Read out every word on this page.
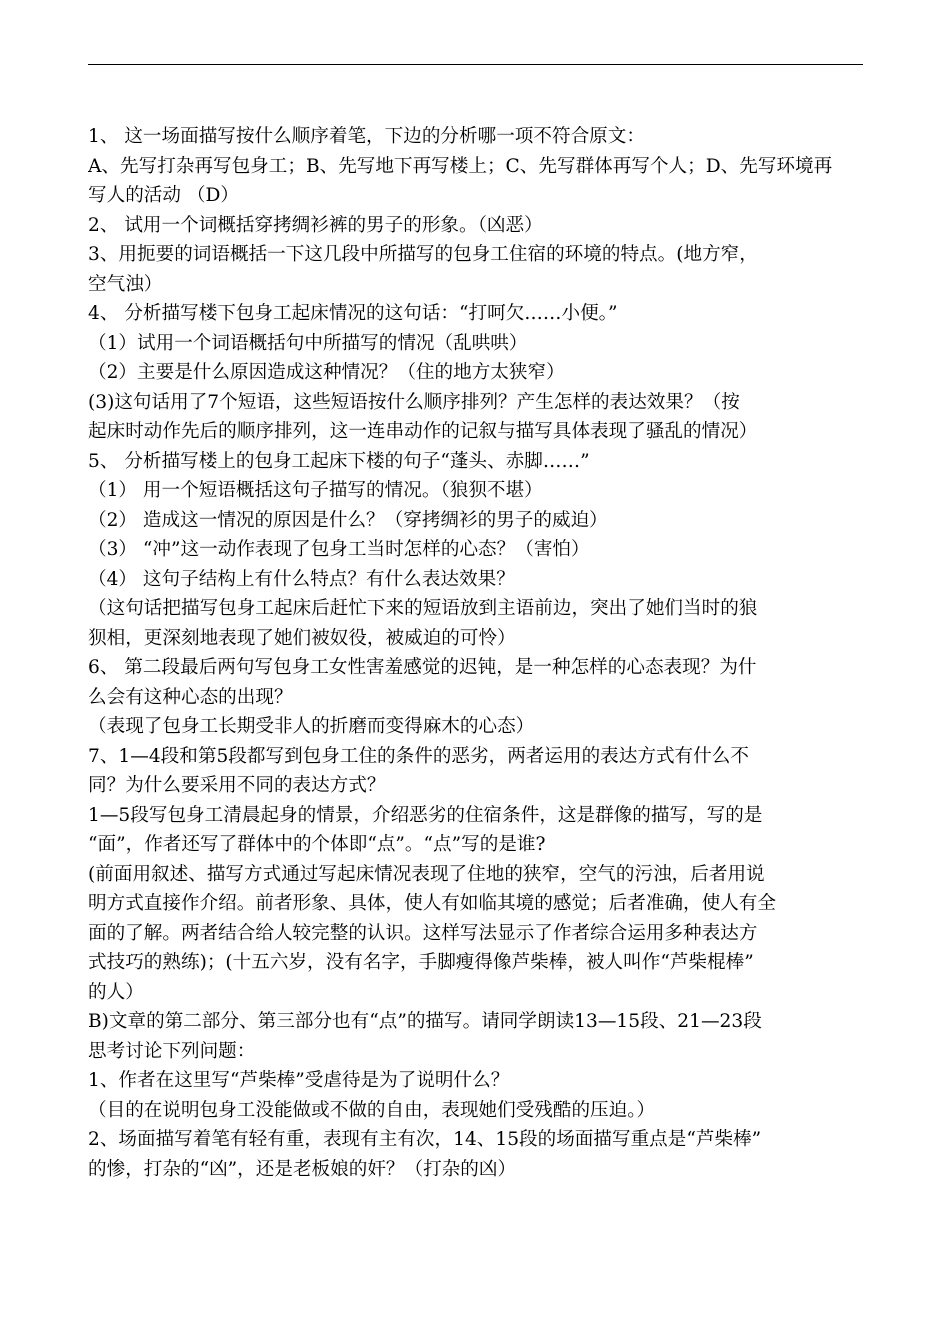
1、 这一场面描写按什么顺序着笔，下边的分析哪一项不符合原文：
A、先写打杂再写包身工；B、先写地下再写楼上；C、先写群体再写个人；D、先写环境再
写人的活动 （D）
2、 试用一个词概括穿拷绸衫裤的男子的形象。（凶恶）
3、用扼要的词语概括一下这几段中所描写的包身工住宿的环境的特点。(地方窄，
空气浊）
4、 分析描写楼下包身工起床情况的这句话：“打呵欠……小便。”
（1）试用一个词语概括句中所描写的情况（乱哄哄）
（2）主要是什么原因造成这种情况？（住的地方太狭窄）
(3)这句话用了7个短语，这些短语按什么顺序排列？产生怎样的表达效果？（按
起床时动作先后的顺序排列，这一连串动作的记叙与描写具体表现了骚乱的情况）
5、 分析描写楼上的包身工起床下楼的句子“蓬头、赤脚……”
（1） 用一个短语概括这句子描写的情况。（狼狈不堪）
（2） 造成这一情况的原因是什么？（穿拷绸衫的男子的威迫）
（3） “冲”这一动作表现了包身工当时怎样的心态？（害怕）
（4） 这句子结构上有什么特点？有什么表达效果？
（这句话把描写包身工起床后赶忙下来的短语放到主语前边，突出了她们当时的狼
狈相，更深刻地表现了她们被奴役，被威迫的可怜）
6、 第二段最后两句写包身工女性害羞感觉的迟钝，是一种怎样的心态表现？为什
么会有这种心态的出现？
（表现了包身工长期受非人的折磨而变得麻木的心态）
7、1—4段和第5段都写到包身工住的条件的恶劣，两者运用的表达方式有什么不
同？为什么要采用不同的表达方式？
1—5段写包身工清晨起身的情景，介绍恶劣的住宿条件，这是群像的描写，写的是
“面”，作者还写了群体中的个体即“点”。“点”写的是谁?
(前面用叙述、描写方式通过写起床情况表现了住地的狭窄，空气的污浊，后者用说
明方式直接作介绍。前者形象、具体，使人有如临其境的感觉；后者准确，使人有全
面的了解。两者结合给人较完整的认识。这样写法显示了作者综合运用多种表达方
式技巧的熟练)；(十五六岁，没有名字，手脚瘦得像芦柴棒，被人叫作“芦柴棍棒”
的人）
B)文章的第二部分、第三部分也有“点”的描写。请同学朗读13—15段、21—23段
思考讨论下列问题：
1、作者在这里写“芦柴棒”受虐待是为了说明什么？
（目的在说明包身工没能做或不做的自由，表现她们受残酷的压迫。）
2、场面描写着笔有轻有重，表现有主有次，14、15段的场面描写重点是“芦柴棒”
的惨，打杂的“凶”，还是老板娘的奸？（打杂的凶）
